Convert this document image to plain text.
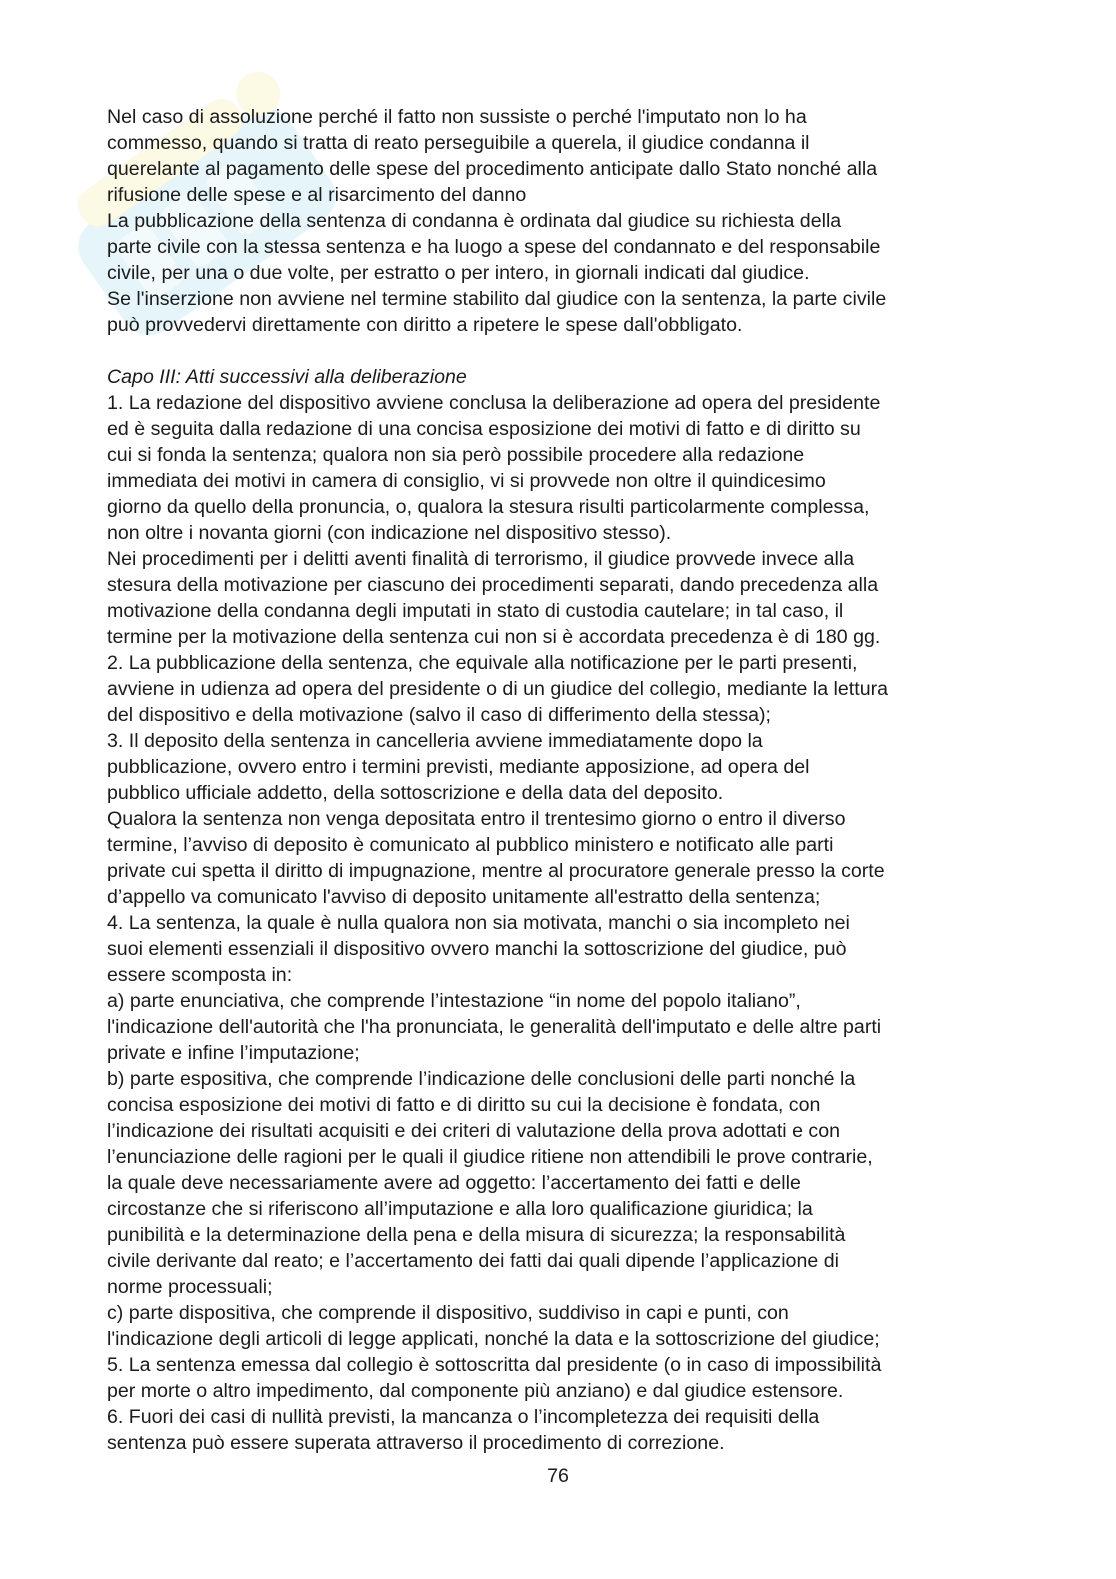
Nel caso di assoluzione perché il fatto non sussiste o perché l'imputato non lo ha
commesso, quando si tratta di reato perseguibile a querela, il giudice condanna il
querelante al pagamento delle spese del procedimento anticipate dallo Stato nonché alla
rifusione delle spese e al risarcimento del danno

La pubblicazione della sentenza di condanna è ordinata dal giudice su richiesta della
parte civile con la stessa sentenza e ha luogo a spese del condannato e del responsabile
civile, per una o due volte, per estratto o per intero, in giornali indicati dal giudice.

Se l'inserzione non avviene nel termine stabilito dal giudice con la sentenza, la parte civile
può provvedervi direttamente con diritto a ripetere le spese dall'obbligato.

Capo III: Atti successivi alla deliberazione

1. La redazione del dispositivo avviene conclusa la deliberazione ad opera del presidente
ed è seguita dalla redazione di una concisa esposizione dei motivi di fatto e di diritto su
cui si fonda la sentenza; qualora non sia però possibile procedere alla redazione
immediata dei motivi in camera di consiglio, vi si provvede non oltre il quindicesimo
giorno da quello della pronuncia, o, qualora la stesura risulti particolarmente complessa,
non oltre i novanta giorni (con indicazione nel dispositivo stesso).

Nei procedimenti per i delitti aventi finalità di terrorismo, il giudice provvede invece alla
stesura della motivazione per ciascuno dei procedimenti separati, dando precedenza alla
motivazione della condanna degli imputati in stato di custodia cautelare; in tal caso, il
termine per la motivazione della sentenza cui non si è accordata precedenza è di 180 gg.

2. La pubblicazione della sentenza, che equivale alla notificazione per le parti presenti,
avviene in udienza ad opera del presidente o di un giudice del collegio, mediante la lettura
del dispositivo e della motivazione (salvo il caso di differimento della stessa);

3. Il deposito della sentenza in cancelleria avviene immediatamente dopo la
pubblicazione, ovvero entro i termini previsti, mediante apposizione, ad opera del
pubblico ufficiale addetto, della sottoscrizione e della data del deposito.

Qualora la sentenza non venga depositata entro il trentesimo giorno o entro il diverso
termine, l’avviso di deposito è comunicato al pubblico ministero e notificato alle parti
private cui spetta il diritto di impugnazione, mentre al procuratore generale presso la corte
d’appello va comunicato l'avviso di deposito unitamente all'estratto della sentenza;

4. La sentenza, la quale è nulla qualora non sia motivata, manchi o sia incompleto nei
suoi elementi essenziali il dispositivo ovvero manchi la sottoscrizione del giudice, può
essere scomposta in:

a) parte enunciativa, che comprende l’intestazione “in nome del popolo italiano”,
l'indicazione dell'autorità che l'ha pronunciata, le generalità dell'imputato e delle altre parti
private e infine l’imputazione;

b) parte espositiva, che comprende l’indicazione delle conclusioni delle parti nonché la
concisa esposizione dei motivi di fatto e di diritto su cui la decisione è fondata, con
l’indicazione dei risultati acquisiti e dei criteri di valutazione della prova adottati e con
l’enunciazione delle ragioni per le quali il giudice ritiene non attendibili le prove contrarie,
la quale deve necessariamente avere ad oggetto: l’accertamento dei fatti e delle
circostanze che si riferiscono all’imputazione e alla loro qualificazione giuridica; la
punibilità e la determinazione della pena e della misura di sicurezza; la responsabilità
civile derivante dal reato; e l’accertamento dei fatti dai quali dipende l’applicazione di
norme processuali;

c) parte dispositiva, che comprende il dispositivo, suddiviso in capi e punti, con
l'indicazione degli articoli di legge applicati, nonché la data e la sottoscrizione del giudice;

5. La sentenza emessa dal collegio è sottoscritta dal presidente (o in caso di impossibilità
per morte o altro impedimento, dal componente più anziano) e dal giudice estensore.

6. Fuori dei casi di nullità previsti, la mancanza o l’incompletezza dei requisiti della
sentenza può essere superata attraverso il procedimento di correzione.

76
